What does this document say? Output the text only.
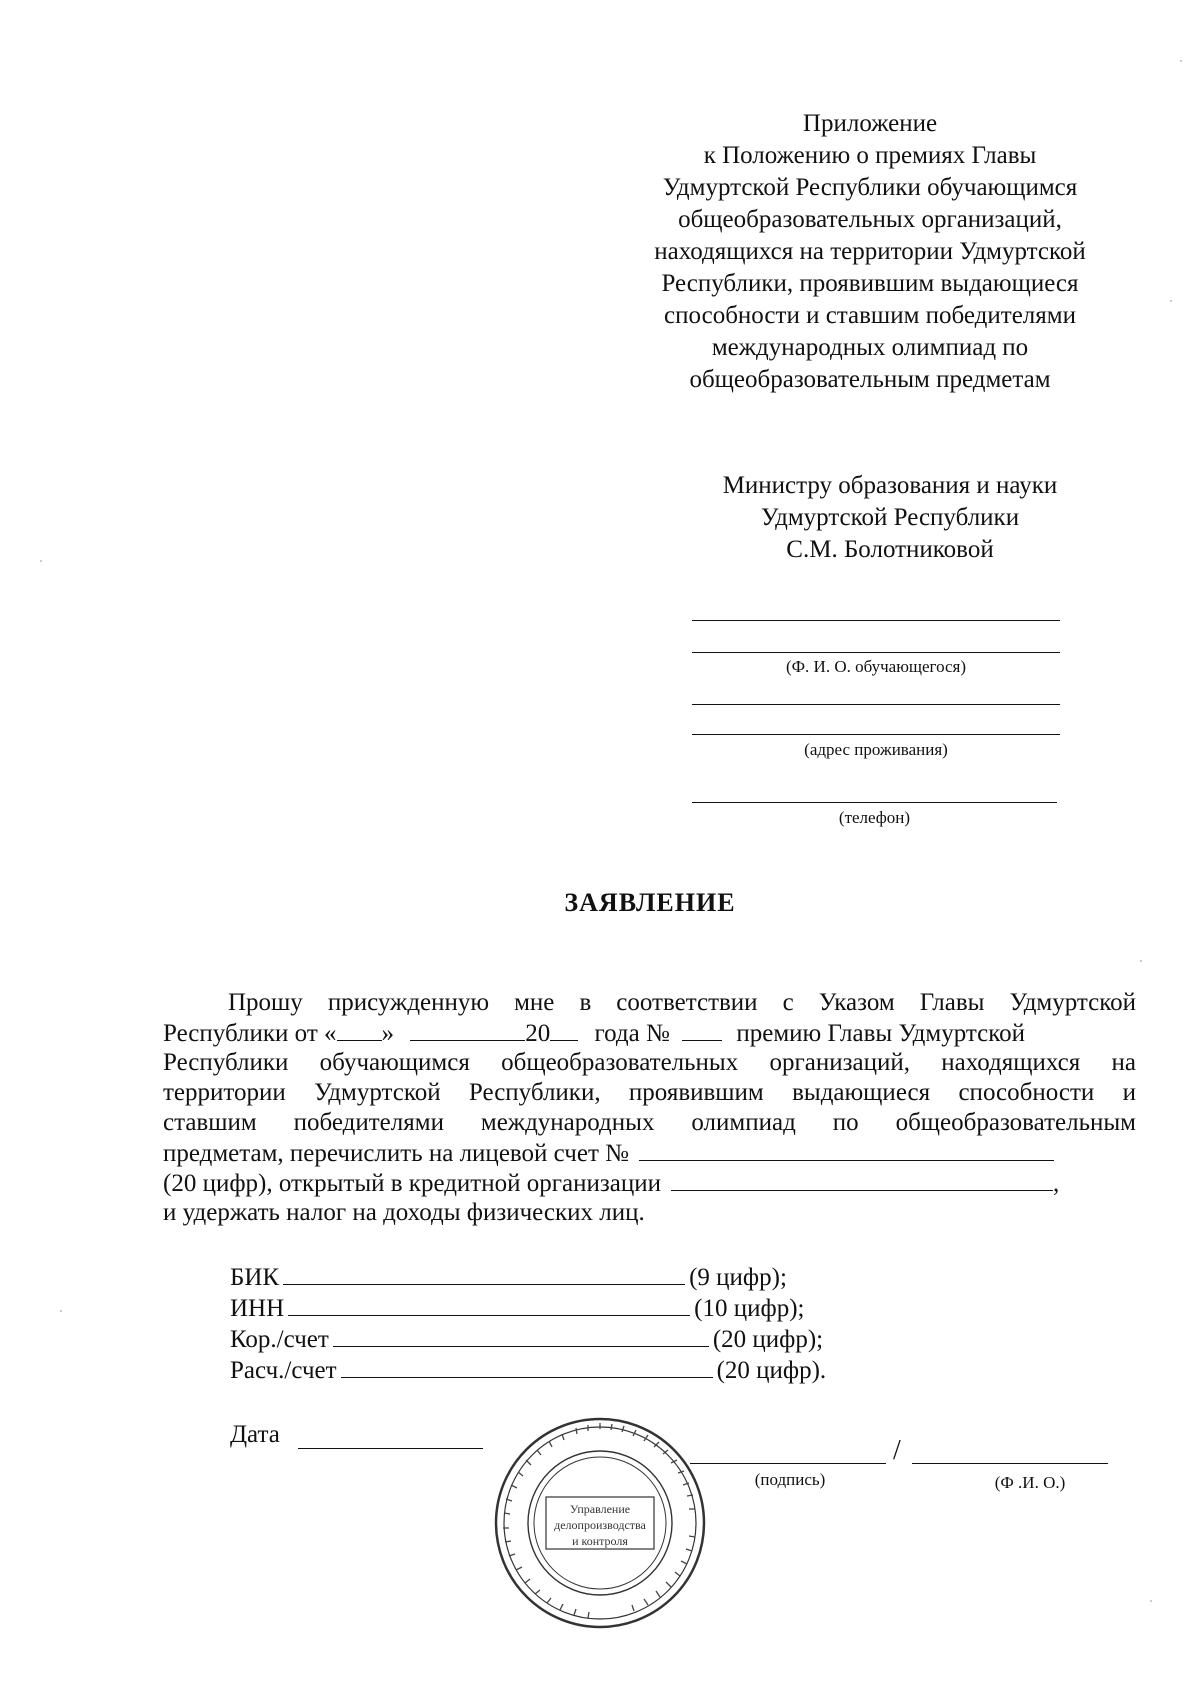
Приложение
к Положению о премиях Главы
Удмуртской Республики обучающимся
общеобразовательных организаций,
находящихся на территории Удмуртской
Республики, проявившим выдающиеся
способности и ставшим победителями
международных олимпиад по
общеобразовательным предметам
Министру образования и науки
Удмуртской Республики
С.М. Болотниковой
(Ф. И. О. обучающегося)
(адрес проживания)
(телефон)
ЗАЯВЛЕНИЕ
Прошу присужденную мне в соответствии с Указом Главы Удмуртской
Республики от « »	20 года №	премию Главы Удмуртской
Республики обучающимся общеобразовательных организаций, находящихся на
территории Удмуртской Республики, проявившим выдающиеся способности и
ставшим победителями международных олимпиад по общеобразовательным
предметам, перечислить на лицевой счет №
(20 цифр), открытый в кредитной организации	,
и удержать налог на доходы физических лиц.
БИК	(9 цифр);
ИНН	(10 цифр);
Кор./счет	(20 цифр);
Расч./счет	(20 цифр).
Дата
/
(подпись)	(Ф .И. О.)
Управление
делопроизводства
и контроля
